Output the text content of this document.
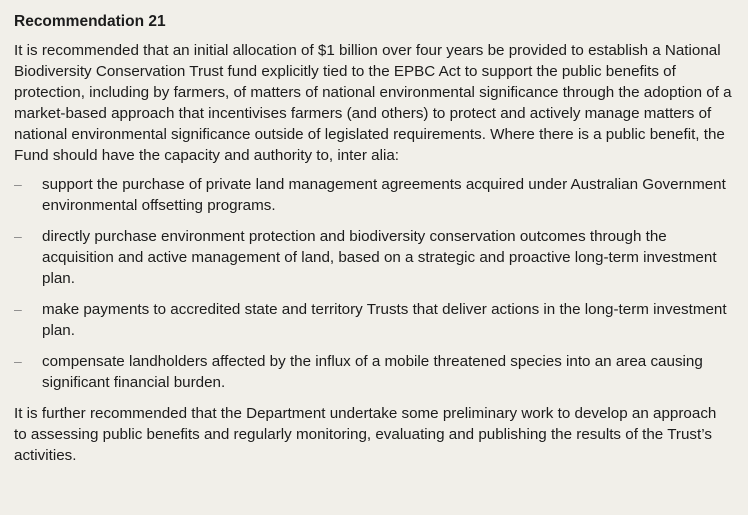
Recommendation 21

It is recommended that an initial allocation of $1 billion over four years be provided to establish a National Biodiversity Conservation Trust fund explicitly tied to the EPBC Act to support the public benefits of protection, including by farmers, of matters of national environmental significance through the adoption of a market-based approach that incentivises farmers (and others) to protect and actively manage matters of national environmental significance outside of legislated requirements. Where there is a public benefit, the Fund should have the capacity and authority to, inter alia:

– support the purchase of private land management agreements acquired under Australian Government environmental offsetting programs.
– directly purchase environment protection and biodiversity conservation outcomes through the acquisition and active management of land, based on a strategic and proactive long-term investment plan.
– make payments to accredited state and territory Trusts that deliver actions in the long-term investment plan.
– compensate landholders affected by the influx of a mobile threatened species into an area causing significant financial burden.

It is further recommended that the Department undertake some preliminary work to develop an approach to assessing public benefits and regularly monitoring, evaluating and publishing the results of the Trust’s activities.
